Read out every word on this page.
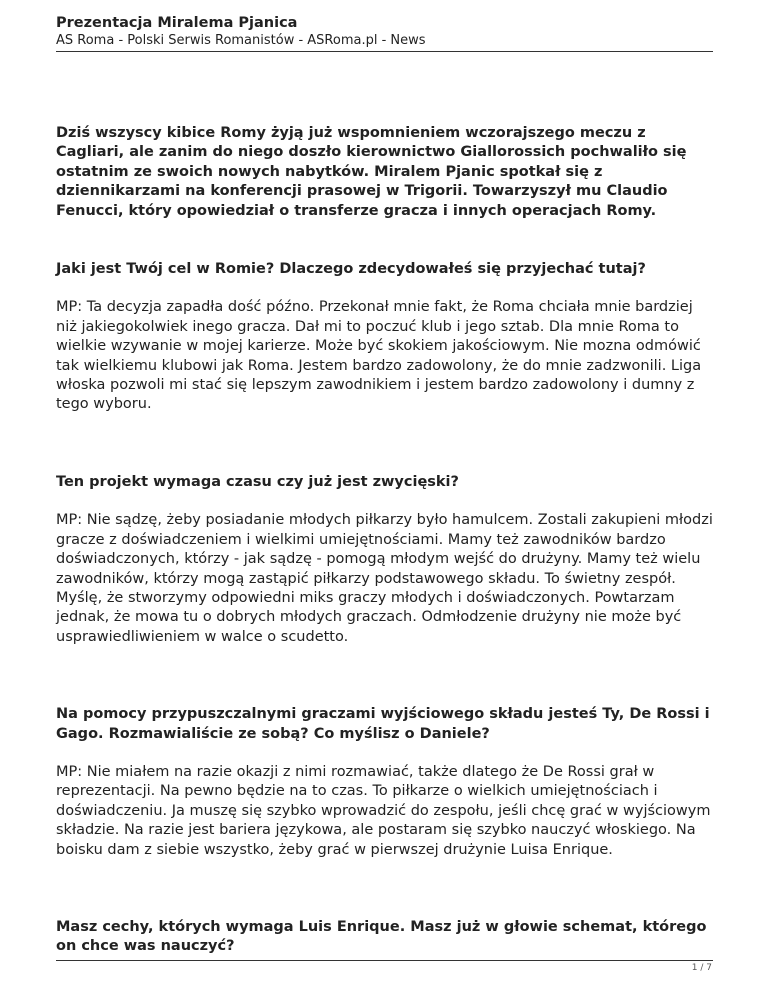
Prezentacja Miralema Pjanica
AS Roma - Polski Serwis Romanistów - ASRoma.pl - News

Dziś wszyscy kibice Romy żyją już wspomnieniem wczorajszego meczu z Cagliari, ale zanim do niego doszło kierownictwo Giallorossich pochwaliło się ostatnim ze swoich nowych nabytków. Miralem Pjanic spotkał się z dziennikarzami na konferencji prasowej w Trigorii. Towarzyszył mu Claudio Fenucci, który opowiedział o transferze gracza i innych operacjach Romy.

Jaki jest Twój cel w Romie? Dlaczego zdecydowałeś się przyjechać tutaj?

MP: Ta decyzja zapadła dość późno. Przekonał mnie fakt, że Roma chciała mnie bardziej niż jakiegokolwiek inego gracza. Dał mi to poczuć klub i jego sztab. Dla mnie Roma to wielkie wzywanie w mojej karierze. Może być skokiem jakościowym. Nie mozna odmówić tak wielkiemu klubowi jak Roma. Jestem bardzo zadowolony, że do mnie zadzwonili. Liga włoska pozwoli mi stać się lepszym zawodnikiem i jestem bardzo zadowolony i dumny z tego wyboru.

Ten projekt wymaga czasu czy już jest zwycięski?

MP: Nie sądzę, żeby posiadanie młodych piłkarzy było hamulcem. Zostali zakupieni młodzi gracze z doświadczeniem i wielkimi umiejętnościami. Mamy też zawodników bardzo doświadczonych, którzy - jak sądzę - pomogą młodym wejść do drużyny. Mamy też wielu zawodników, którzy mogą zastąpić piłkarzy podstawowego składu. To świetny zespół. Myślę, że stworzymy odpowiedni miks graczy młodych i doświadczonych. Powtarzam jednak, że mowa tu o dobrych młodych graczach. Odmłodzenie drużyny nie może być usprawiedliwieniem w walce o scudetto.

Na pomocy przypuszczalnymi graczami wyjściowego składu jesteś Ty, De Rossi i Gago. Rozmawialiście ze sobą? Co myślisz o Daniele?

MP: Nie miałem na razie okazji z nimi rozmawiać, także dlatego że De Rossi grał w reprezentacji. Na pewno będzie na to czas. To piłkarze o wielkich umiejętnościach i doświadczeniu. Ja muszę się szybko wprowadzić do zespołu, jeśli chcę grać w wyjściowym składzie. Na razie jest bariera językowa, ale postaram się szybko nauczyć włoskiego. Na boisku dam z siebie wszystko, żeby grać w pierwszej drużynie Luisa Enrique.

Masz cechy, których wymaga Luis Enrique. Masz już w głowie schemat, którego on chce was nauczyć?

1 / 7
